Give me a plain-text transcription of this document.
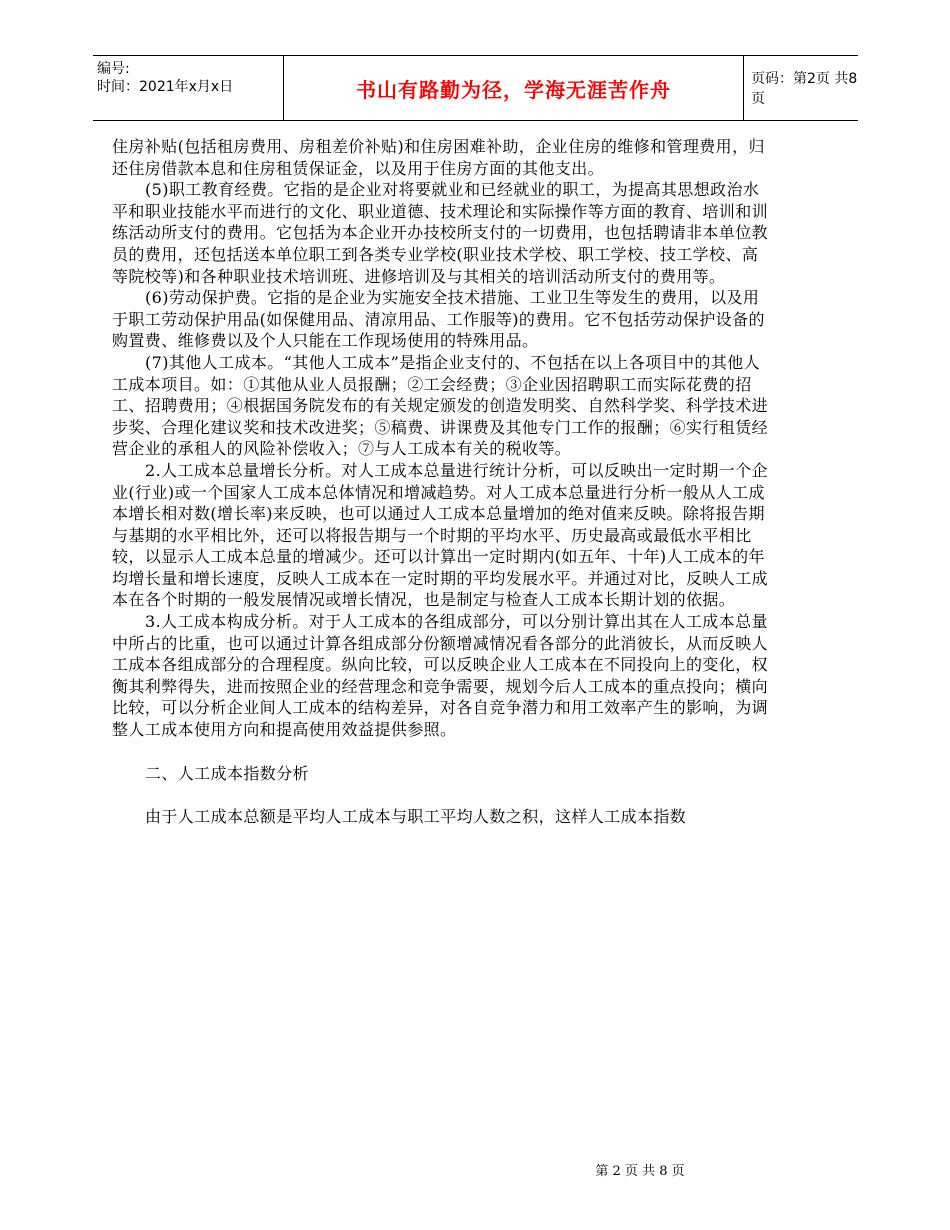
编号:
时间：2021年x月x日	书山有路勤为径，学海无涯苦作舟	页码：第2页 共8页

住房补贴(包括租房费用、房租差价补贴)和住房困难补助，企业住房的维修和管理费用，归还住房借款本息和住房租赁保证金，以及用于住房方面的其他支出。

(5)职工教育经费。它指的是企业对将要就业和已经就业的职工，为提高其思想政治水平和职业技能水平而进行的文化、职业道德、技术理论和实际操作等方面的教育、培训和训练活动所支付的费用。它包括为本企业开办技校所支付的一切费用，也包括聘请非本单位教员的费用，还包括送本单位职工到各类专业学校(职业技术学校、职工学校、技工学校、高等院校等)和各种职业技术培训班、进修培训及与其相关的培训活动所支付的费用等。

(6)劳动保护费。它指的是企业为实施安全技术措施、工业卫生等发生的费用，以及用于职工劳动保护用品(如保健用品、清凉用品、工作服等)的费用。它不包括劳动保护设备的购置费、维修费以及个人只能在工作现场使用的特殊用品。

(7)其他人工成本。“其他人工成本”是指企业支付的、不包括在以上各项目中的其他人工成本项目。如：①其他从业人员报酬；②工会经费；③企业因招聘职工而实际花费的招工、招聘费用；④根据国务院发布的有关规定颁发的创造发明奖、自然科学奖、科学技术进步奖、合理化建议奖和技术改进奖；⑤稿费、讲课费及其他专门工作的报酬；⑥实行租赁经营企业的承租人的风险补偿收入；⑦与人工成本有关的税收等。

2.人工成本总量增长分析。对人工成本总量进行统计分析，可以反映出一定时期一个企业(行业)或一个国家人工成本总体情况和增减趋势。对人工成本总量进行分析一般从人工成本增长相对数(增长率)来反映，也可以通过人工成本总量增加的绝对值来反映。除将报告期与基期的水平相比外，还可以将报告期与一个时期的平均水平、历史最高或最低水平相比较，以显示人工成本总量的增减少。还可以计算出一定时期内(如五年、十年)人工成本的年均增长量和增长速度，反映人工成本在一定时期的平均发展水平。并通过对比，反映人工成本在各个时期的一般发展情况或增长情况，也是制定与检查人工成本长期计划的依据。

3.人工成本构成分析。对于人工成本的各组成部分，可以分别计算出其在人工成本总量中所占的比重，也可以通过计算各组成部分份额增减情况看各部分的此消彼长，从而反映人工成本各组成部分的合理程度。纵向比较，可以反映企业人工成本在不同投向上的变化，权衡其利弊得失，进而按照企业的经营理念和竞争需要，规划今后人工成本的重点投向；横向比较，可以分析企业间人工成本的结构差异，对各自竞争潜力和用工效率产生的影响，为调整人工成本使用方向和提高使用效益提供参照。

二、人工成本指数分析

由于人工成本总额是平均人工成本与职工平均人数之积，这样人工成本指数

第 2 页 共 8 页
